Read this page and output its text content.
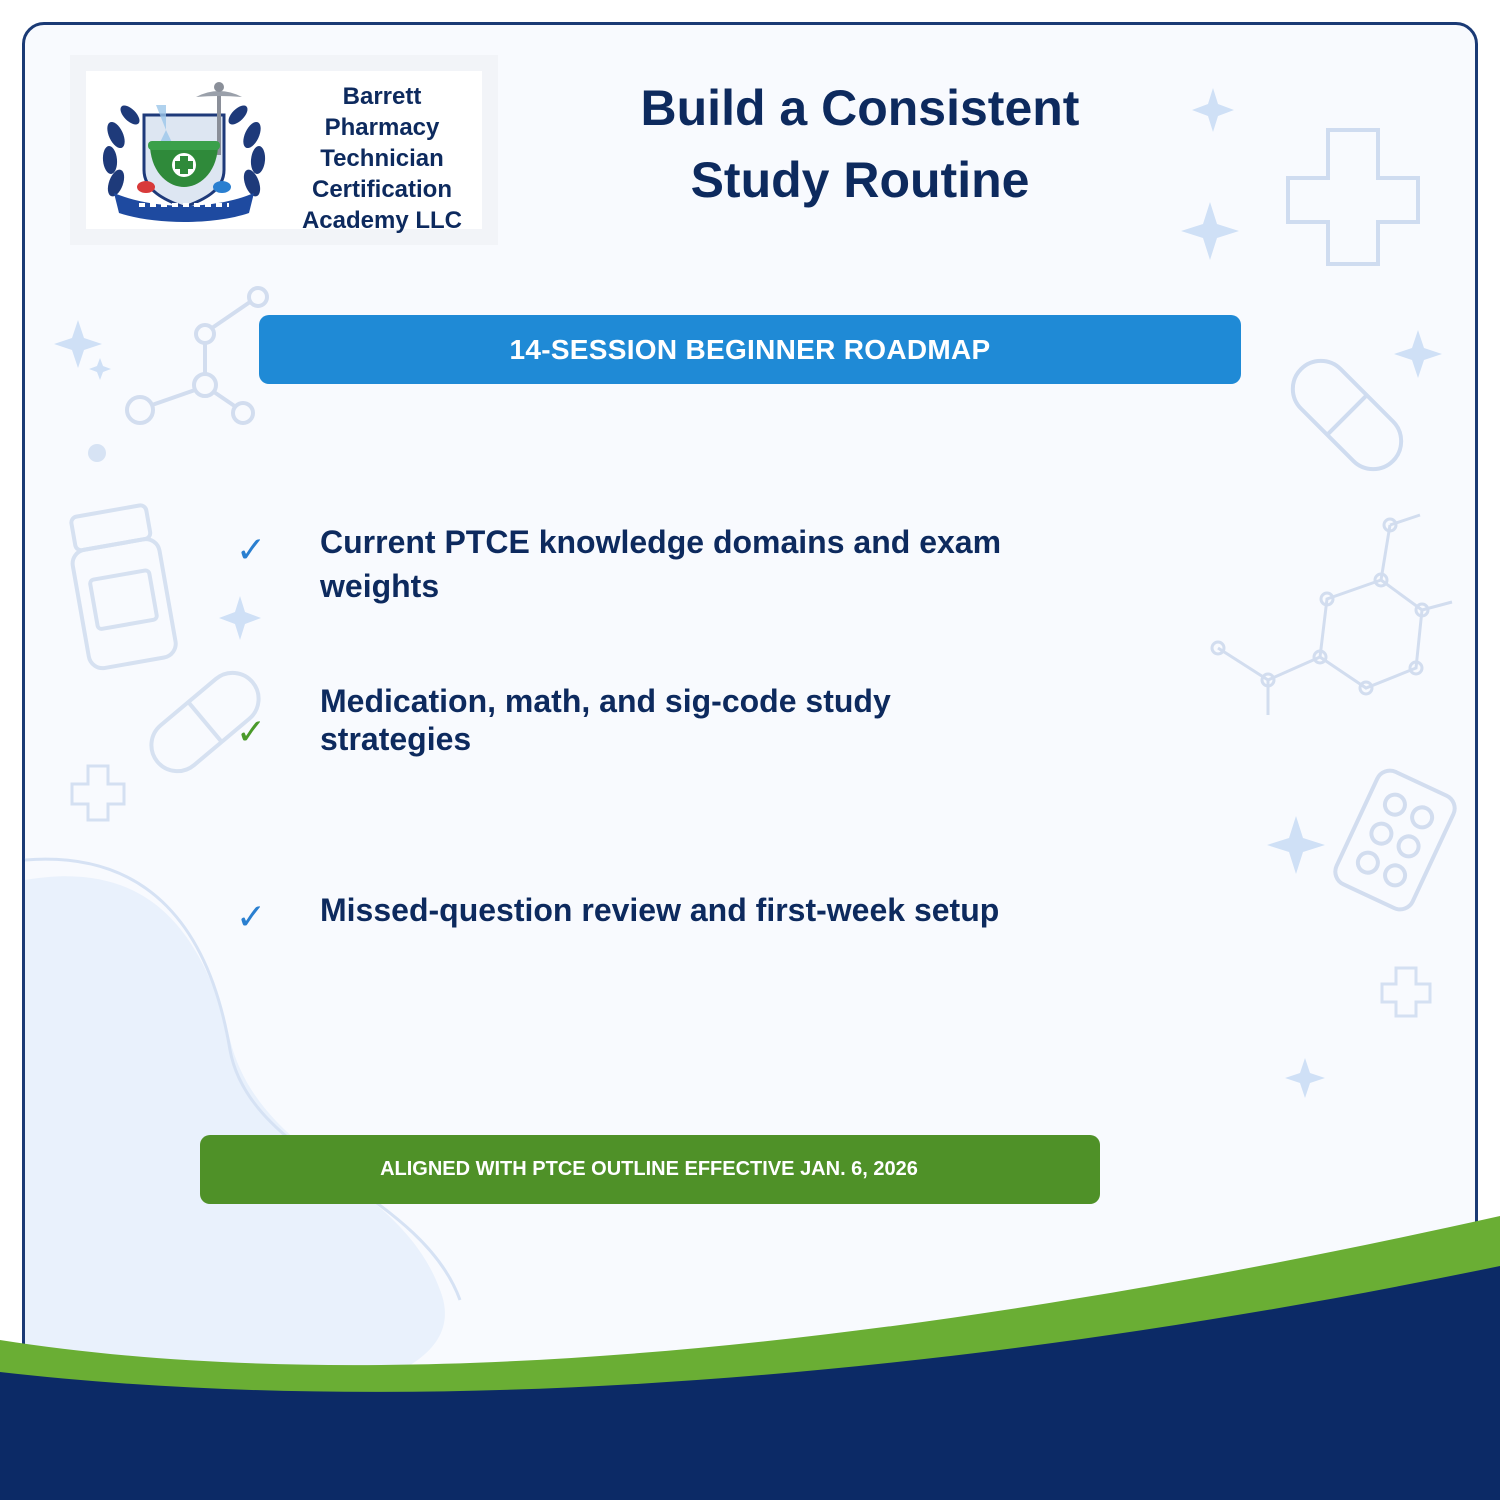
Barrett
Pharmacy
Technician
Certification
Academy LLC
Build a Consistent
Study Routine
14-SESSION BEGINNER ROADMAP
✓ Current PTCE knowledge domains and exam weights
✓
Medication, math, and sig-code study strategies
✓ Missed-question review and first-week setup
ALIGNED WITH PTCE OUTLINE EFFECTIVE JAN. 6, 2026
